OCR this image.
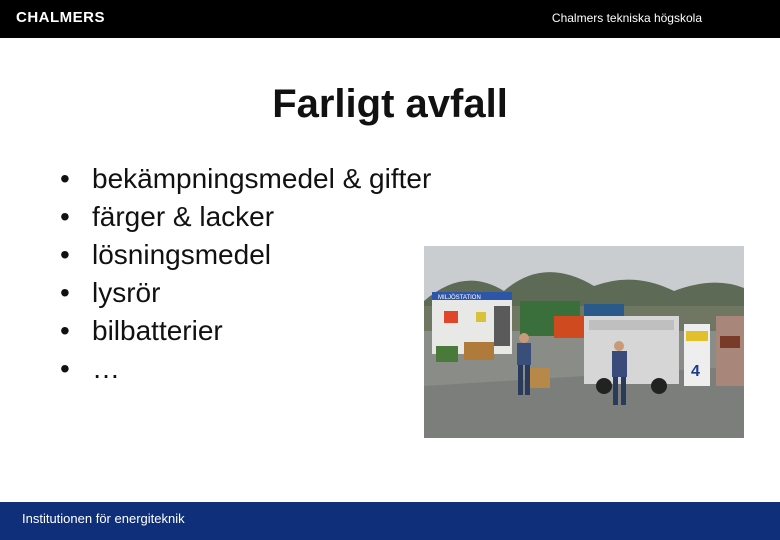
CHALMERS	Chalmers tekniska högskola
Farligt avfall
• bekämpningsmedel & gifter
• färger & lacker
• lösningsmedel
• lysrör
• bilbatterier
• …
MILJÖSTATION
4
Institutionen för energiteknik
